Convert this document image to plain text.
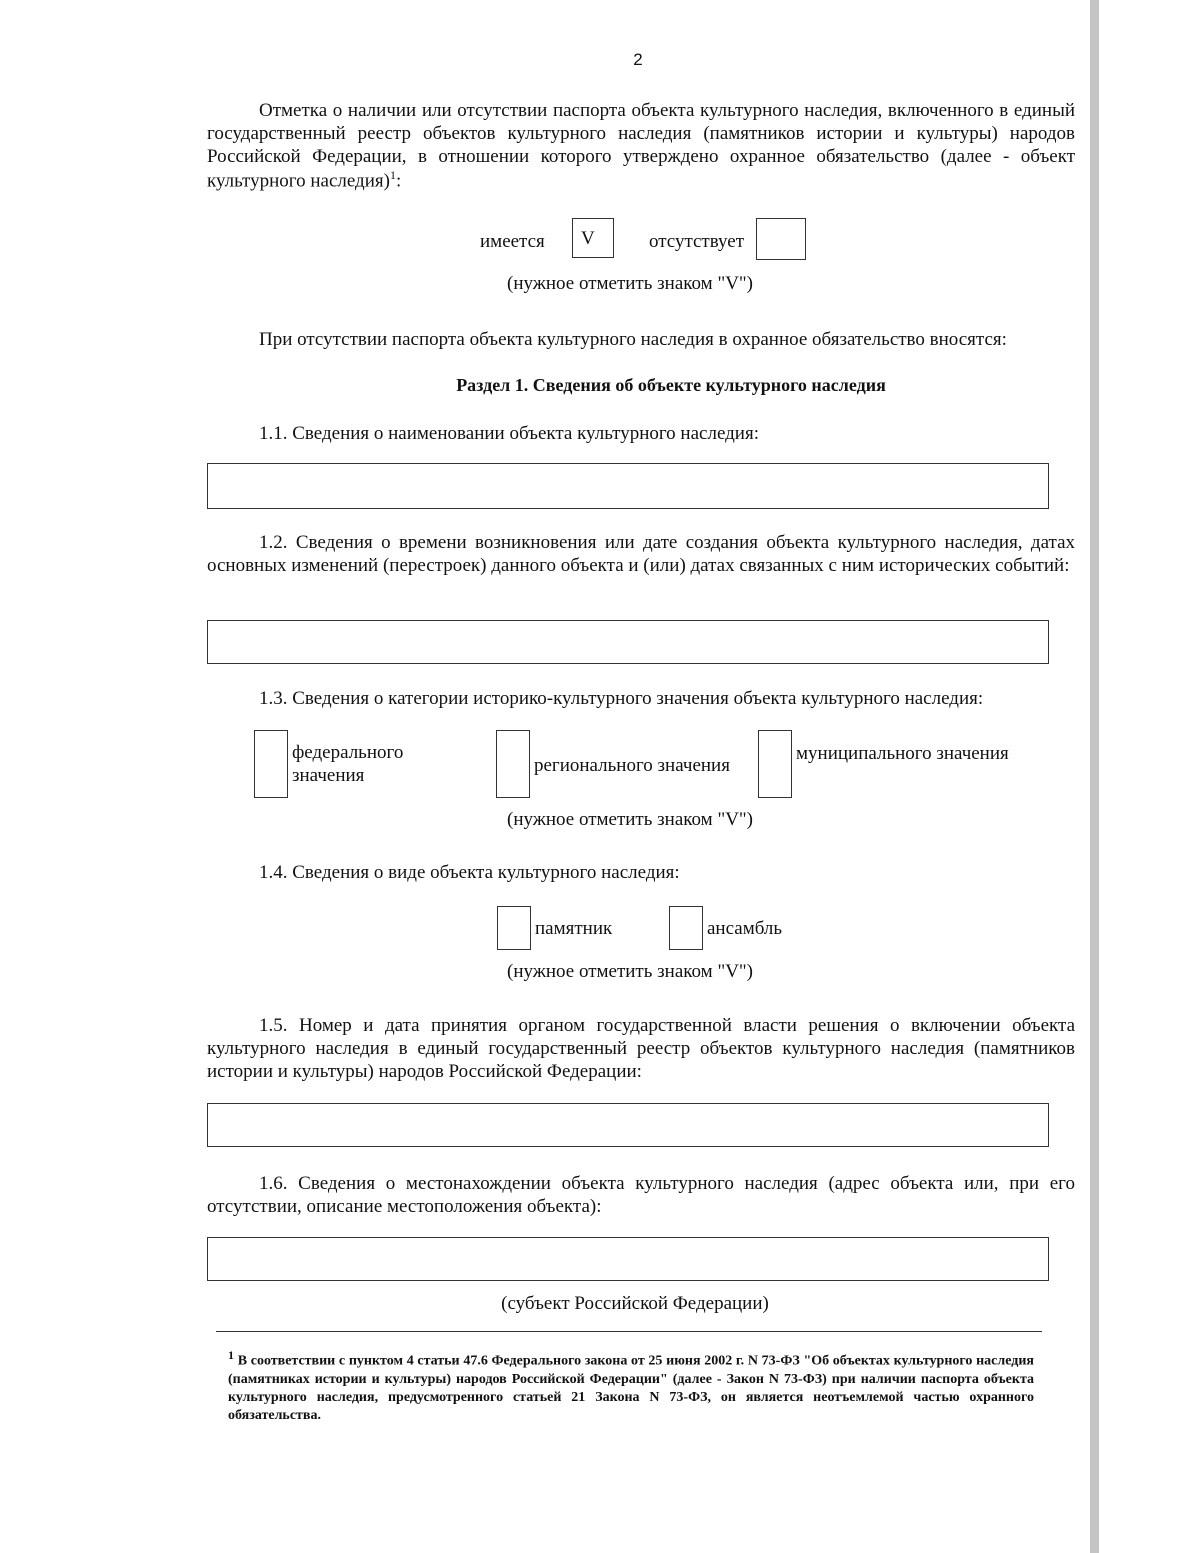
2
Отметка о наличии или отсутствии паспорта объекта культурного наследия, включенного в единый государственный реестр объектов культурного наследия (памятников истории и культуры) народов Российской Федерации, в отношении которого утверждено охранное обязательство (далее - объект культурного наследия)$^1$:
имеется	V	отсутствует
(нужное отметить знаком "V")
При отсутствии паспорта объекта культурного наследия в охранное обязательство вносятся:
Раздел 1. Сведения об объекте культурного наследия
1.1. Сведения о наименовании объекта культурного наследия:
1.2. Сведения о времени возникновения или дате создания объекта культурного наследия, датах основных изменений (перестроек) данного объекта и (или) датах связанных с ним исторических событий:
1.3. Сведения о категории историко-культурного значения объекта культурного наследия:
федерального значения	регионального значения
муниципального значения
(нужное отметить знаком "V")
1.4. Сведения о виде объекта культурного наследия:
памятник	ансамбль
(нужное отметить знаком "V")
1.5. Номер и дата принятия органом государственной власти решения о включении объекта культурного наследия в единый государственный реестр объектов культурного наследия (памятников истории и культуры) народов Российской Федерации:
1.6. Сведения о местонахождении объекта культурного наследия (адрес объекта или, при его отсутствии, описание местоположения объекта):
(субъект Российской Федерации)
$^1$ В соответствии с пунктом 4 статьи 47.6 Федерального закона от 25 июня 2002 г. N 73-ФЗ "Об объектах культурного наследия (памятниках истории и культуры) народов Российской Федерации" (далее - Закон N 73-ФЗ) при наличии паспорта объекта культурного наследия, предусмотренного статьей 21 Закона N 73-ФЗ, он является неотъемлемой частью охранного обязательства.
